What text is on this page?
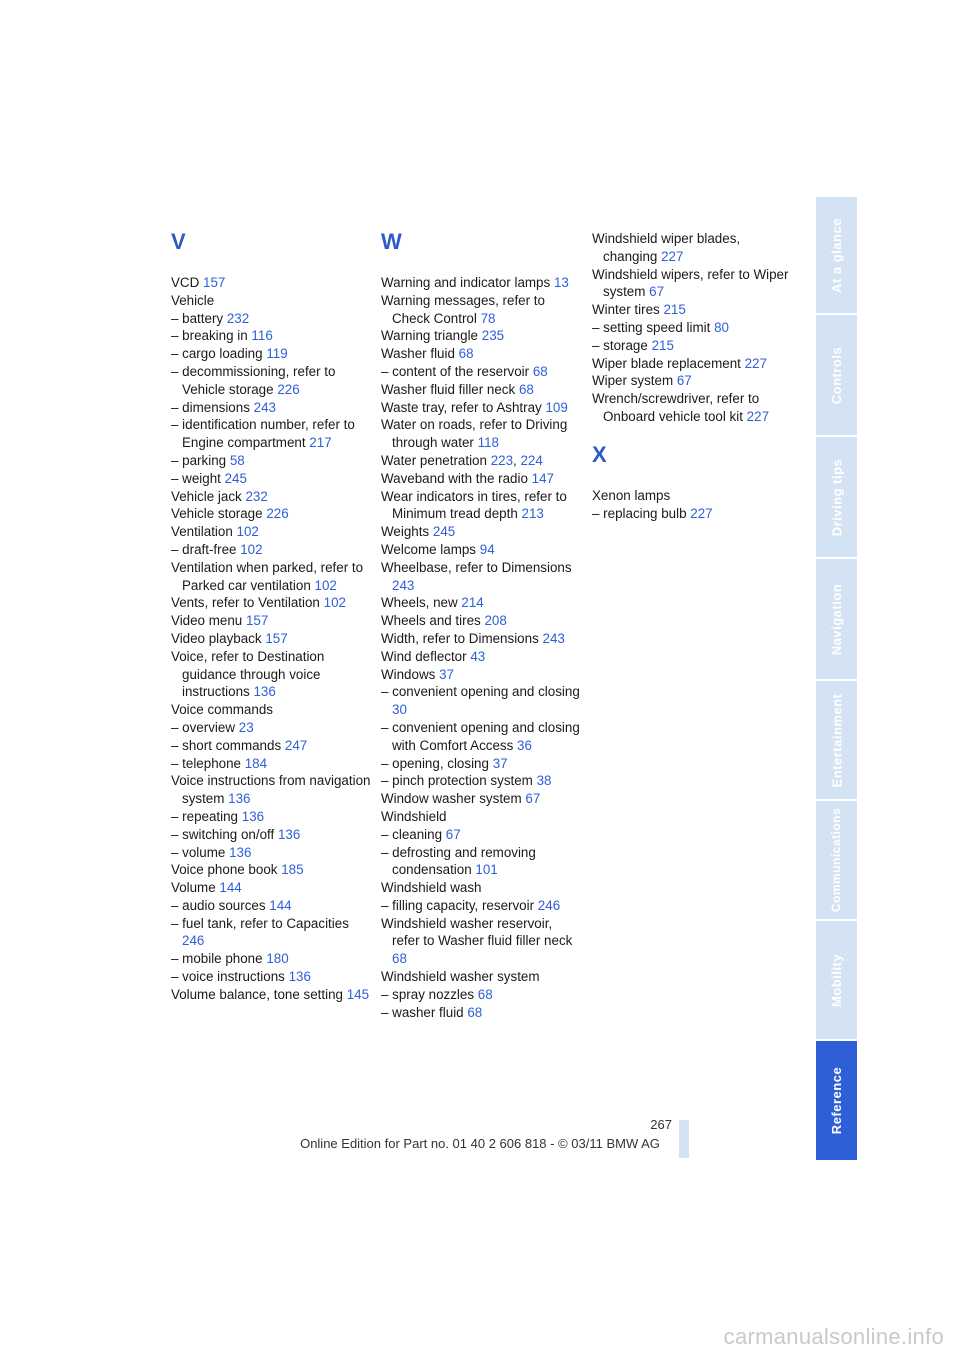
V
VCD 157
Vehicle
– battery 232
– breaking in 116
– cargo loading 119
– decommissioning, refer to Vehicle storage 226
– dimensions 243
– identification number, refer to Engine compartment 217
– parking 58
– weight 245
Vehicle jack 232
Vehicle storage 226
Ventilation 102
– draft-free 102
Ventilation when parked, refer to Parked car ventilation 102
Vents, refer to Ventilation 102
Video menu 157
Video playback 157
Voice, refer to Destination guidance through voice instructions 136
Voice commands
– overview 23
– short commands 247
– telephone 184
Voice instructions from navigation system 136
– repeating 136
– switching on/off 136
– volume 136
Voice phone book 185
Volume 144
– audio sources 144
– fuel tank, refer to Capacities 246
– mobile phone 180
– voice instructions 136
Volume balance, tone setting 145
W
Warning and indicator lamps 13
Warning messages, refer to Check Control 78
Warning triangle 235
Washer fluid 68
– content of the reservoir 68
Washer fluid filler neck 68
Waste tray, refer to Ashtray 109
Water on roads, refer to Driving through water 118
Water penetration 223, 224
Waveband with the radio 147
Wear indicators in tires, refer to Minimum tread depth 213
Weights 245
Welcome lamps 94
Wheelbase, refer to Dimensions 243
Wheels, new 214
Wheels and tires 208
Width, refer to Dimensions 243
Wind deflector 43
Windows 37
– convenient opening and closing 30
– convenient opening and closing with Comfort Access 36
– opening, closing 37
– pinch protection system 38
Window washer system 67
Windshield
– cleaning 67
– defrosting and removing condensation 101
Windshield wash
– filling capacity, reservoir 246
Windshield washer reservoir, refer to Washer fluid filler neck 68
Windshield washer system
– spray nozzles 68
– washer fluid 68
Windshield wiper blades, changing 227
Windshield wipers, refer to Wiper system 67
Winter tires 215
– setting speed limit 80
– storage 215
Wiper blade replacement 227
Wiper system 67
Wrench/screwdriver, refer to Onboard vehicle tool kit 227
X
Xenon lamps
– replacing bulb 227
At a glance
Controls
Driving tips
Navigation
Entertainment
Communications
Mobility
Reference
267
Online Edition for Part no. 01 40 2 606 818 - © 03/11 BMW AG
carmanualsonline.info
